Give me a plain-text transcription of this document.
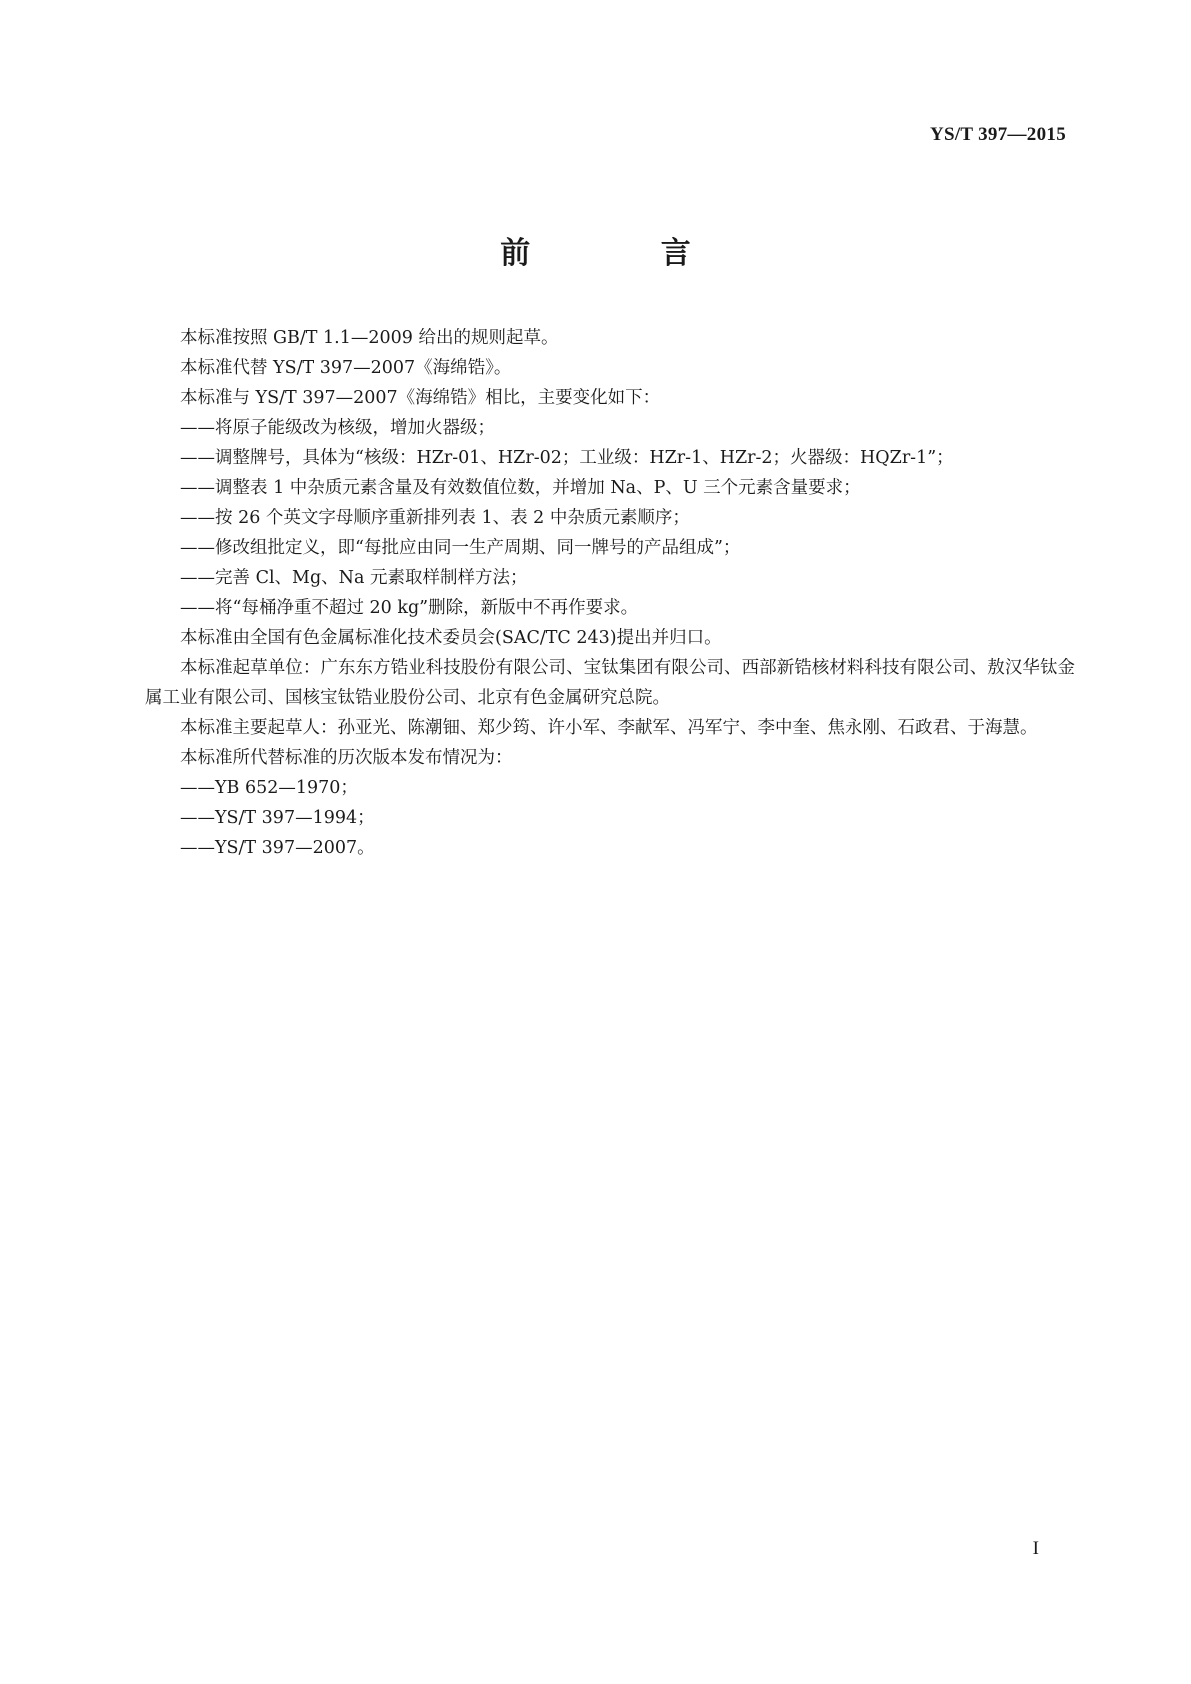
YS/T 397—2015
前 言

本标准按照 GB/T 1.1—2009 给出的规则起草。

本标准代替 YS/T 397—2007《海绵锆》。

本标准与 YS/T 397—2007《海绵锆》相比，主要变化如下：

——将原子能级改为核级，增加火器级；

——调整牌号，具体为“核级：HZr-01、HZr-02；工业级：HZr-1、HZr-2；火器级：HQZr-1”；

——调整表 1 中杂质元素含量及有效数值位数，并增加 Na、P、U 三个元素含量要求；

——按 26 个英文字母顺序重新排列表 1、表 2 中杂质元素顺序；

——修改组批定义，即“每批应由同一生产周期、同一牌号的产品组成”；

——完善 Cl、Mg、Na 元素取样制样方法；

——将“每桶净重不超过 20 kg”删除，新版中不再作要求。

本标准由全国有色金属标准化技术委员会(SAC/TC 243)提出并归口。

本标准起草单位：广东东方锆业科技股份有限公司、宝钛集团有限公司、西部新锆核材料科技有限公司、敖汉华钛金属工业有限公司、国核宝钛锆业股份公司、北京有色金属研究总院。

本标准主要起草人：孙亚光、陈潮钿、郑少筠、许小军、李献军、冯军宁、李中奎、焦永刚、石政君、于海慧。

本标准所代替标准的历次版本发布情况为：

——YB 652—1970；

——YS/T 397—1994；

——YS/T 397—2007。

I
